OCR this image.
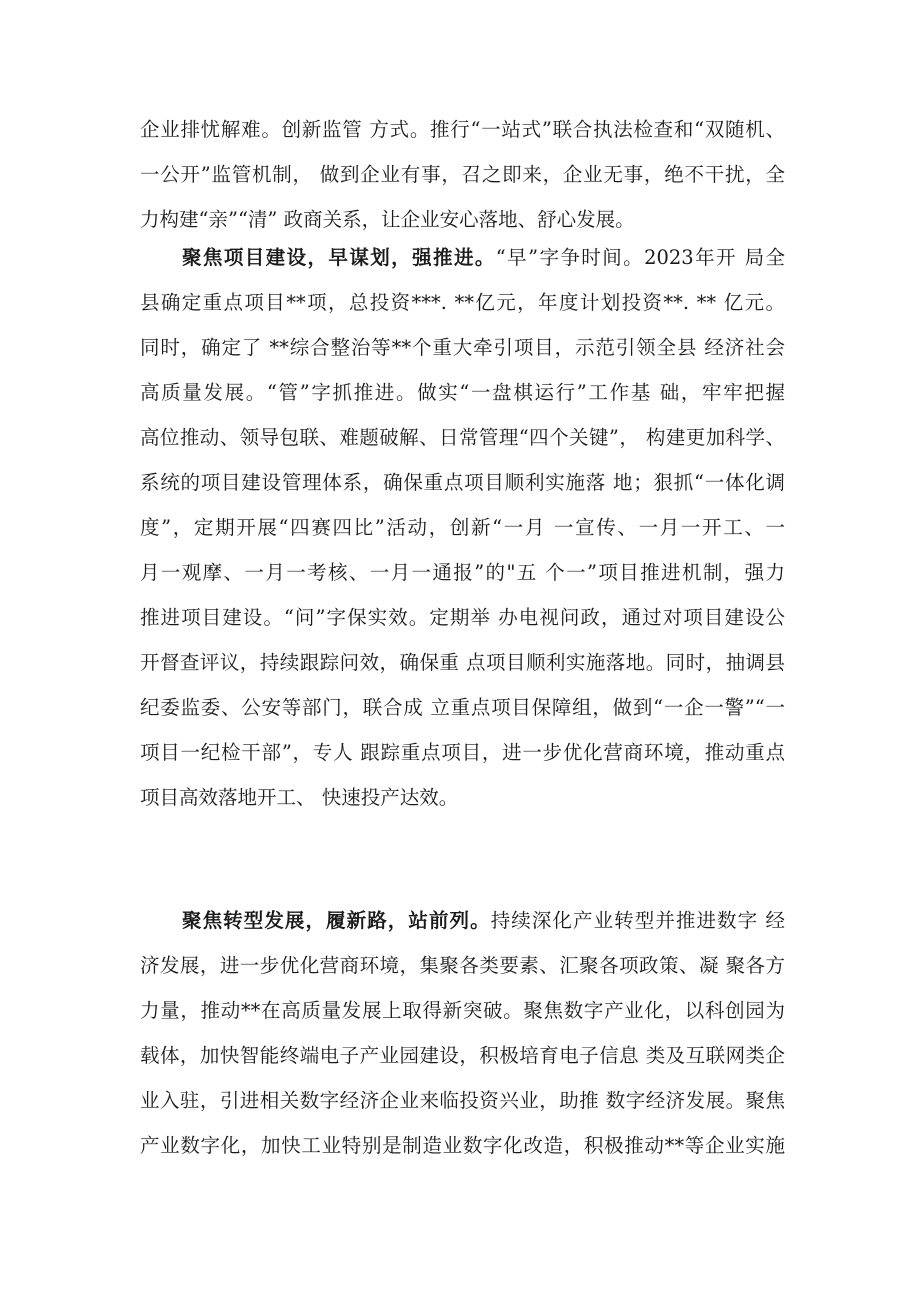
企业排忧解难。创新监管 方式。推行“一站式”联合执法检查和“双随机、
一公开”监管机制， 做到企业有事，召之即来，企业无事，绝不干扰，全
力构建“亲”“清” 政商关系，让企业安心落地、舒心发展。
聚焦项目建设，早谋划，强推进。“早”字争时间。2023年开 局全
县确定重点项目**项，总投资***. **亿元，年度计划投资**. ** 亿元。
同时，确定了 **综合整治等**个重大牵引项目，示范引领全县 经济社会
高质量发展。“管”字抓推进。做实“一盘棋运行”工作基 础，牢牢把握
高位推动、领导包联、难题破解、日常管理“四个关键”， 构建更加科学、
系统的项目建设管理体系，确保重点项目顺利实施落 地；狠抓“一体化调
度”，定期开展“四赛四比”活动，创新“一月 一宣传、一月一开工、一
月一观摩、一月一考核、一月一通报”的"五 个一”项目推进机制，强力
推进项目建设。“问”字保实效。定期举 办电视问政，通过对项目建设公
开督查评议，持续跟踪问效，确保重 点项目顺利实施落地。同时，抽调县
纪委监委、公安等部门，联合成 立重点项目保障组，做到“一企一警”“一
项目一纪检干部”，专人 跟踪重点项目，进一步优化营商环境，推动重点
项目高效落地开工、 快速投产达效。
聚焦转型发展，履新路，站前列。持续深化产业转型并推进数字 经
济发展，进一步优化营商环境，集聚各类要素、汇聚各项政策、凝 聚各方
力量，推动**在高质量发展上取得新突破。聚焦数字产业化，以科创园为
载体，加快智能终端电子产业园建设，积极培育电子信息 类及互联网类企
业入驻，引进相关数字经济企业来临投资兴业，助推 数字经济发展。聚焦
产业数字化，加快工业特别是制造业数字化改造，积极推动**等企业实施
